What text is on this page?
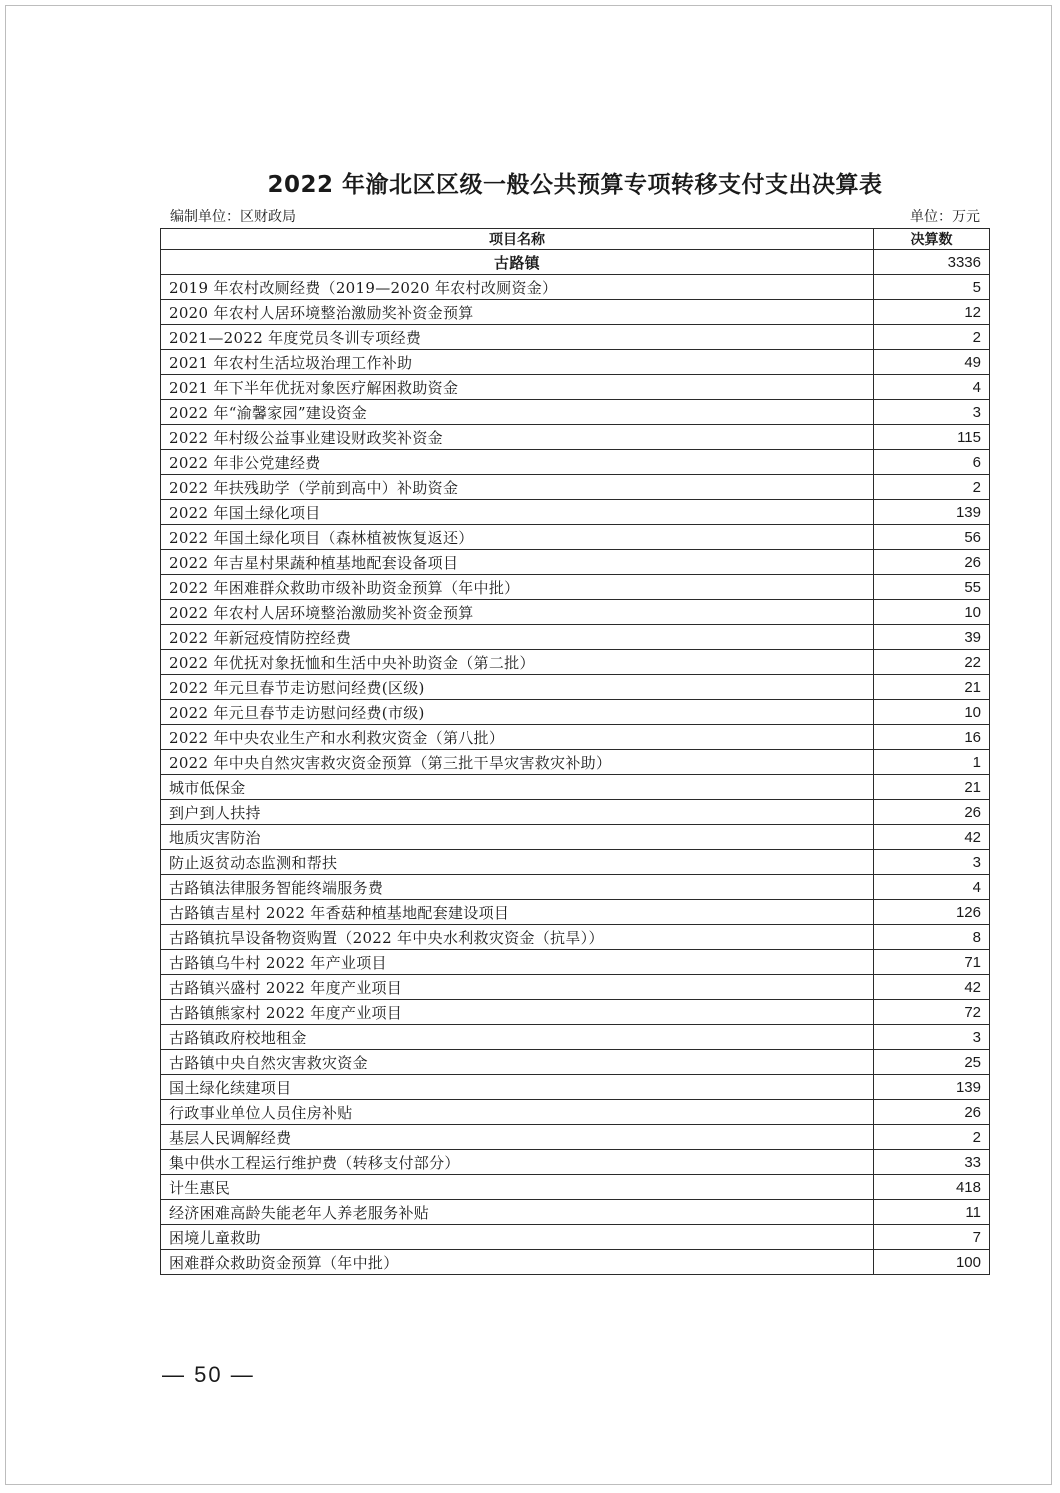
2022 年渝北区区级一般公共预算专项转移支付支出决算表
编制单位：区财政局	单位：万元
项目名称	决算数
古路镇	3336
2019 年农村改厕经费（2019—2020 年农村改厕资金）	5
2020 年农村人居环境整治激励奖补资金预算	12
2021—2022 年度党员冬训专项经费	2
2021 年农村生活垃圾治理工作补助	49
2021 年下半年优抚对象医疗解困救助资金	4
2022 年“渝馨家园”建设资金	3
2022 年村级公益事业建设财政奖补资金	115
2022 年非公党建经费	6
2022 年扶残助学（学前到高中）补助资金	2
2022 年国土绿化项目	139
2022 年国土绿化项目（森林植被恢复返还）	56
2022 年吉星村果蔬种植基地配套设备项目	26
2022 年困难群众救助市级补助资金预算（年中批）	55
2022 年农村人居环境整治激励奖补资金预算	10
2022 年新冠疫情防控经费	39
2022 年优抚对象抚恤和生活中央补助资金（第二批）	22
2022 年元旦春节走访慰问经费(区级)	21
2022 年元旦春节走访慰问经费(市级)	10
2022 年中央农业生产和水利救灾资金（第八批）	16
2022 年中央自然灾害救灾资金预算（第三批干旱灾害救灾补助）	1
城市低保金	21
到户到人扶持	26
地质灾害防治	42
防止返贫动态监测和帮扶	3
古路镇法律服务智能终端服务费	4
古路镇吉星村 2022 年香菇种植基地配套建设项目	126
古路镇抗旱设备物资购置（2022 年中央水利救灾资金（抗旱））	8
古路镇乌牛村 2022 年产业项目	71
古路镇兴盛村 2022 年度产业项目	42
古路镇熊家村 2022 年度产业项目	72
古路镇政府校地租金	3
古路镇中央自然灾害救灾资金	25
国土绿化续建项目	139
行政事业单位人员住房补贴	26
基层人民调解经费	2
集中供水工程运行维护费（转移支付部分）	33
计生惠民	418
经济困难高龄失能老年人养老服务补贴	11
困境儿童救助	7
困难群众救助资金预算（年中批）	100
— 50 —
